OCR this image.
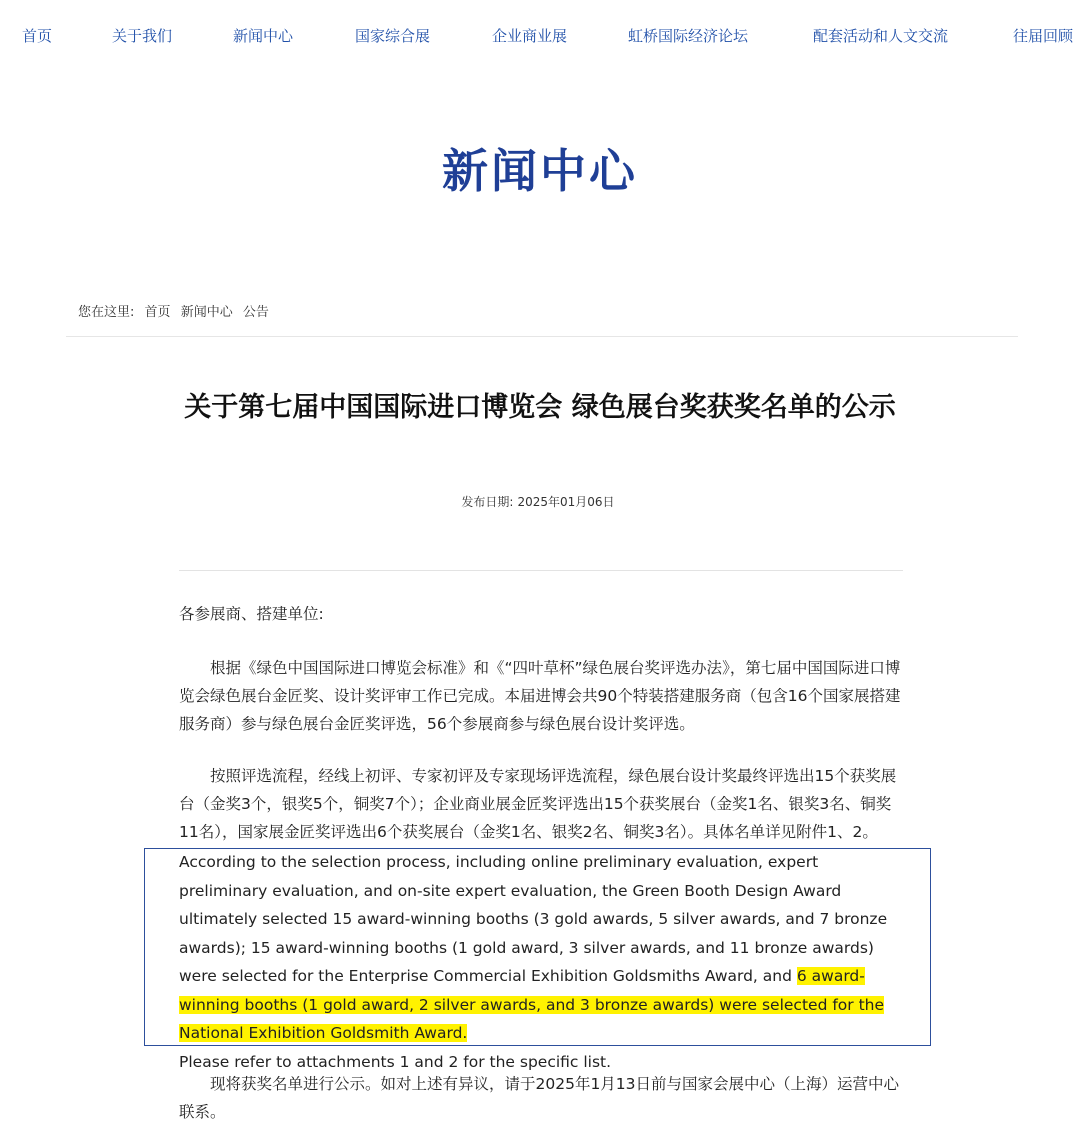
首页	关于我们	新闻中心	国家综合展	企业商业展	虹桥国际经济论坛	配套活动和人文交流	往届回顾
新闻中心
您在这里: 首页 新闻中心 公告
关于第七届中国国际进口博览会 绿色展台奖获奖名单的公示
发布日期: 2025年01月06日
各参展商、搭建单位:
根据《绿色中国国际进口博览会标准》和《“四叶草杯”绿色展台奖评选办法》，第七届中国国际进口博览会绿色展台金匠奖、设计奖评审工作已完成。本届进博会共90个特装搭建服务商（包含16个国家展搭建服务商）参与绿色展台金匠奖评选，56个参展商参与绿色展台设计奖评选。
按照评选流程，经线上初评、专家初评及专家现场评选流程，绿色展台设计奖最终评选出15个获奖展台（金奖3个，银奖5个，铜奖7个）；企业商业展金匠奖评选出15个获奖展台（金奖1名、银奖3名、铜奖11名），国家展金匠奖评选出6个获奖展台（金奖1名、银奖2名、铜奖3名）。具体名单详见附件1、2。
According to the selection process, including online preliminary evaluation, expert preliminary evaluation, and on-site expert evaluation, the Green Booth Design Award ultimately selected 15 award-winning booths (3 gold awards, 5 silver awards, and 7 bronze awards); 15 award-winning booths (1 gold award, 3 silver awards, and 11 bronze awards) were selected for the Enterprise Commercial Exhibition Goldsmiths Award, and 6 award-winning booths (1 gold award, 2 silver awards, and 3 bronze awards) were selected for the National Exhibition Goldsmith Award.
Please refer to attachments 1 and 2 for the specific list.
现将获奖名单进行公示。如对上述有异议，请于2025年1月13日前与国家会展中心（上海）运营中心联系。
